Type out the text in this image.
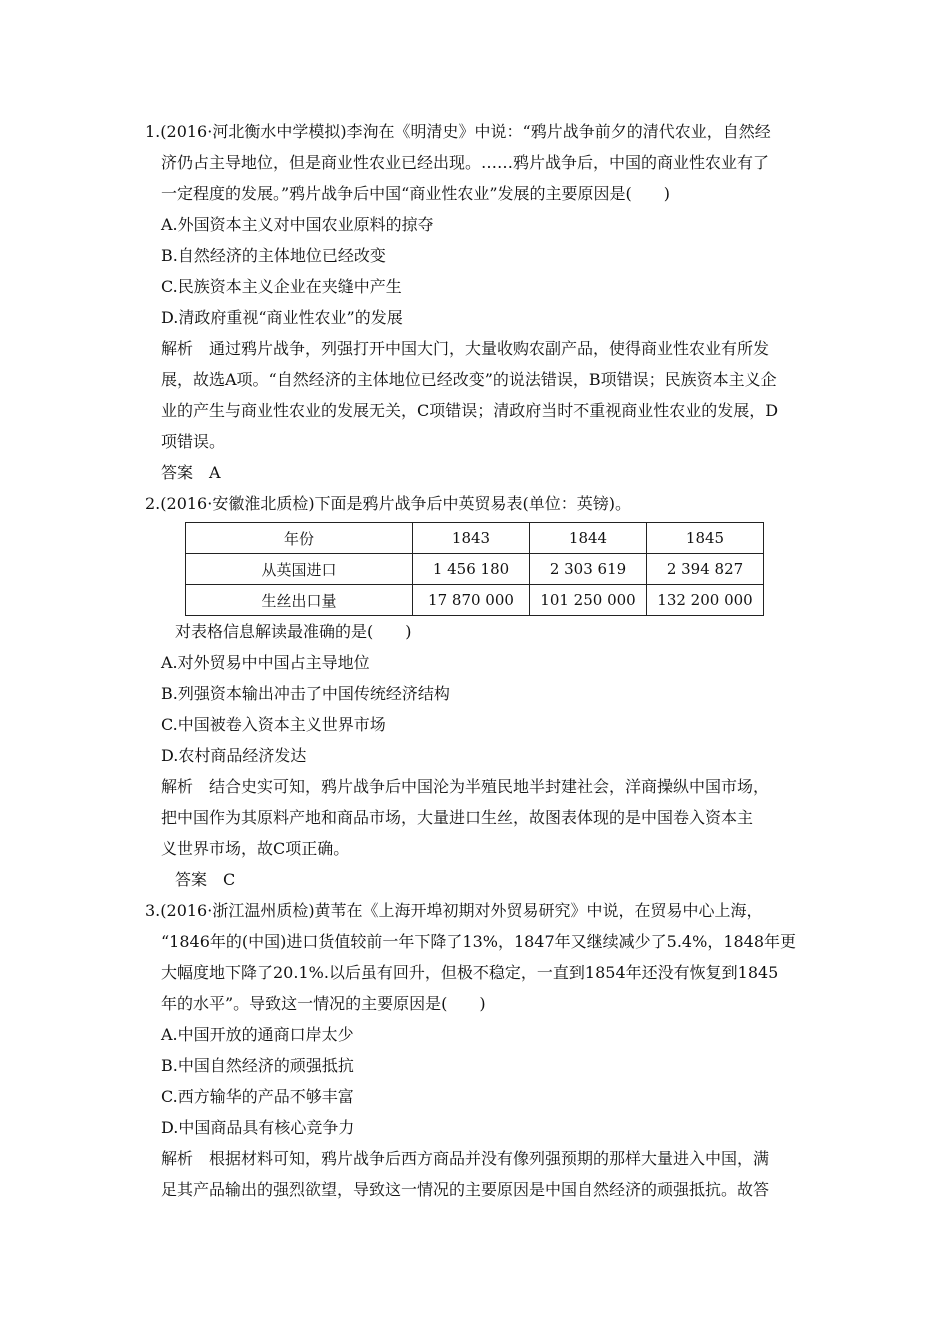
1.(2016·河北衡水中学模拟)李洵在《明清史》中说：“鸦片战争前夕的清代农业，自然经
济仍占主导地位，但是商业性农业已经出现。……鸦片战争后，中国的商业性农业有了
一定程度的发展。”鸦片战争后中国“商业性农业”发展的主要原因是(　　)
A.外国资本主义对中国农业原料的掠夺
B.自然经济的主体地位已经改变
C.民族资本主义企业在夹缝中产生
D.清政府重视“商业性农业”的发展
解析　通过鸦片战争，列强打开中国大门，大量收购农副产品，使得商业性农业有所发
展，故选A项。“自然经济的主体地位已经改变”的说法错误，B项错误；民族资本主义企
业的产生与商业性农业的发展无关，C项错误；清政府当时不重视商业性农业的发展，D
项错误。
答案　A
2.(2016·安徽淮北质检)下面是鸦片战争后中英贸易表(单位：英镑)。
年份	1843	1844	1845
从英国进口	1 456 180	2 303 619	2 394 827
生丝出口量	17 870 000	101 250 000	132 200 000
对表格信息解读最准确的是(　　)
A.对外贸易中中国占主导地位
B.列强资本输出冲击了中国传统经济结构
C.中国被卷入资本主义世界市场
D.农村商品经济发达
解析　结合史实可知，鸦片战争后中国沦为半殖民地半封建社会，洋商操纵中国市场，
把中国作为其原料产地和商品市场，大量进口生丝，故图表体现的是中国卷入资本主
义世界市场，故C项正确。
答案　C
3.(2016·浙江温州质检)黄苇在《上海开埠初期对外贸易研究》中说，在贸易中心上海，
“1846年的(中国)进口货值较前一年下降了13%，1847年又继续减少了5.4%，1848年更
大幅度地下降了20.1%.以后虽有回升，但极不稳定，一直到1854年还没有恢复到1845
年的水平”。导致这一情况的主要原因是(　　)
A.中国开放的通商口岸太少
B.中国自然经济的顽强抵抗
C.西方输华的产品不够丰富
D.中国商品具有核心竞争力
解析　根据材料可知，鸦片战争后西方商品并没有像列强预期的那样大量进入中国，满
足其产品输出的强烈欲望，导致这一情况的主要原因是中国自然经济的顽强抵抗。故答
